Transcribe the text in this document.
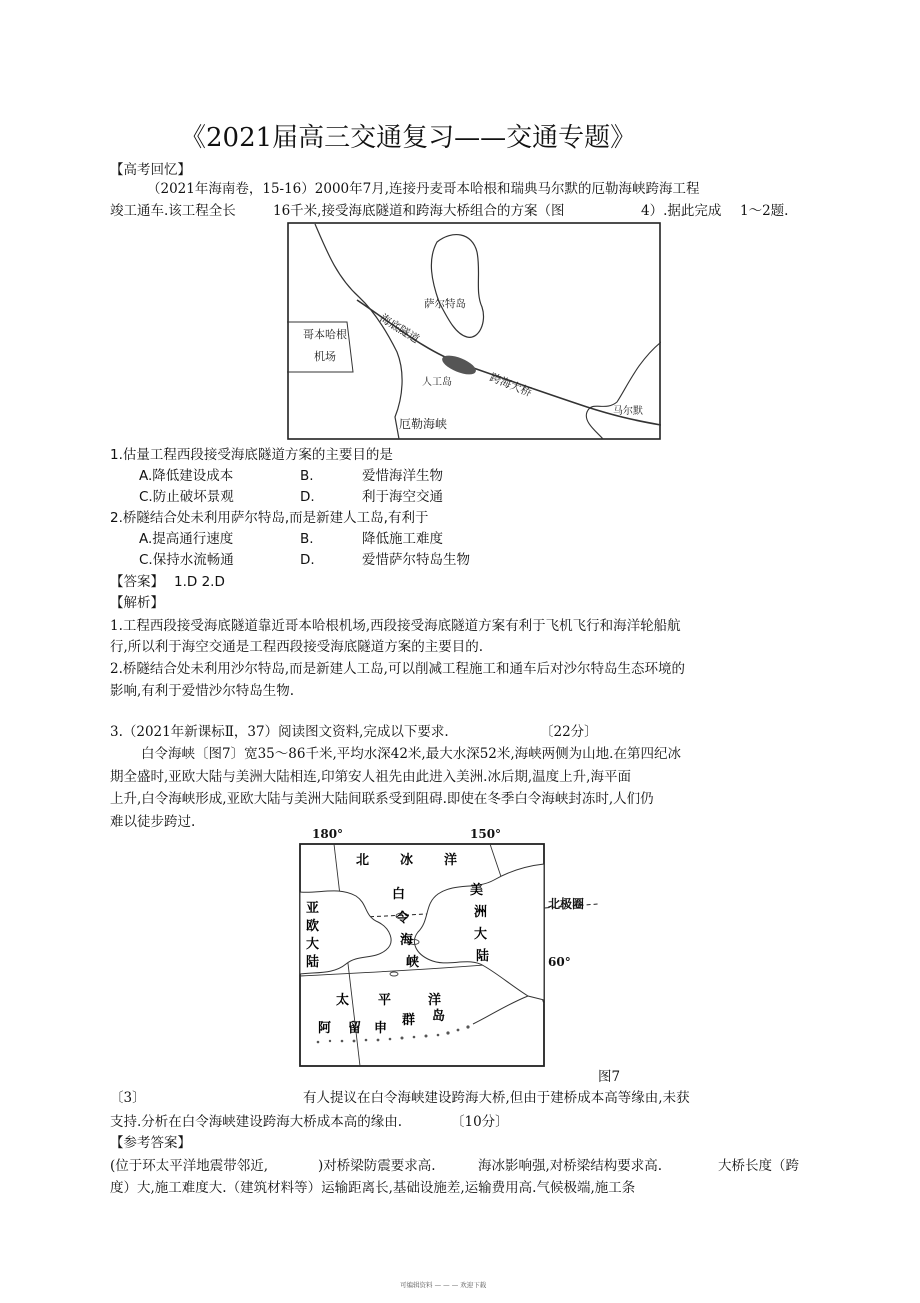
《2021届高三交通复习——交通专题》
【高考回忆】
（2021年海南卷，15-16）2000年7月,连接丹麦哥本哈根和瑞典马尔默的厄勒海峡跨海工程
竣工通车.该工程全长	16千米,接受海底隧道和跨海大桥组合的方案（图	4）.据此完成 1～2题.
萨尔特岛
哥本哈根
机场
海底隧道
人工岛	跨海大桥
马尔默
厄勒海峡
1.估量工程西段接受海底隧道方案的主要目的是
A.降低建设成本	B.	爱惜海洋生物
C.防止破坏景观	D.	利于海空交通
2.桥隧结合处未利用萨尔特岛,而是新建人工岛,有利于
A.提高通行速度	B.	降低施工难度
C.保持水流畅通	D.	爱惜萨尔特岛生物
【答案】 1.D 2.D
【解析】
1.工程西段接受海底隧道靠近哥本哈根机场,西段接受海底隧道方案有利于飞机飞行和海洋轮船航
行,所以利于海空交通是工程西段接受海底隧道方案的主要目的.
2.桥隧结合处未利用沙尔特岛,而是新建人工岛,可以削减工程施工和通车后对沙尔特岛生态环境的
影响,有利于爱惜沙尔特岛生物.
3.（2021年新课标Ⅱ，37）阅读图文资料,完成以下要求.	〔22分〕
白令海峡〔图7〕宽35～86千米,平均水深42米,最大水深52米,海峡两侧为山地.在第四纪冰
期全盛时,亚欧大陆与美洲大陆相连,印第安人祖先由此进入美洲.冰后期,温度上升,海平面
上升,白令海峡形成,亚欧大陆与美洲大陆间联系受到阻碍.即使在冬季白令海峡封冻时,人们仍
难以徒步跨过.
180°	150°
北 冰 洋
白
令
海
峡
美
洲
大
陆
亚
欧
大
陆
太 平	洋
阿 留 申
群 岛
北极圈
60°
图7
〔3〕	有人提议在白令海峡建设跨海大桥,但由于建桥成本高等缘由,未获
支持.分析在白令海峡建设跨海大桥成本高的缘由.	〔10分〕
【参考答案】
(位于环太平洋地震带邻近,	)对桥梁防震要求高.	海冰影响强,对桥梁结构要求高.	大桥长度（跨
度）大,施工难度大.（建筑材料等）运输距离长,基础设施差,运输费用高.气候极端,施工条
可编辑资料 — — — 欢迎下载
